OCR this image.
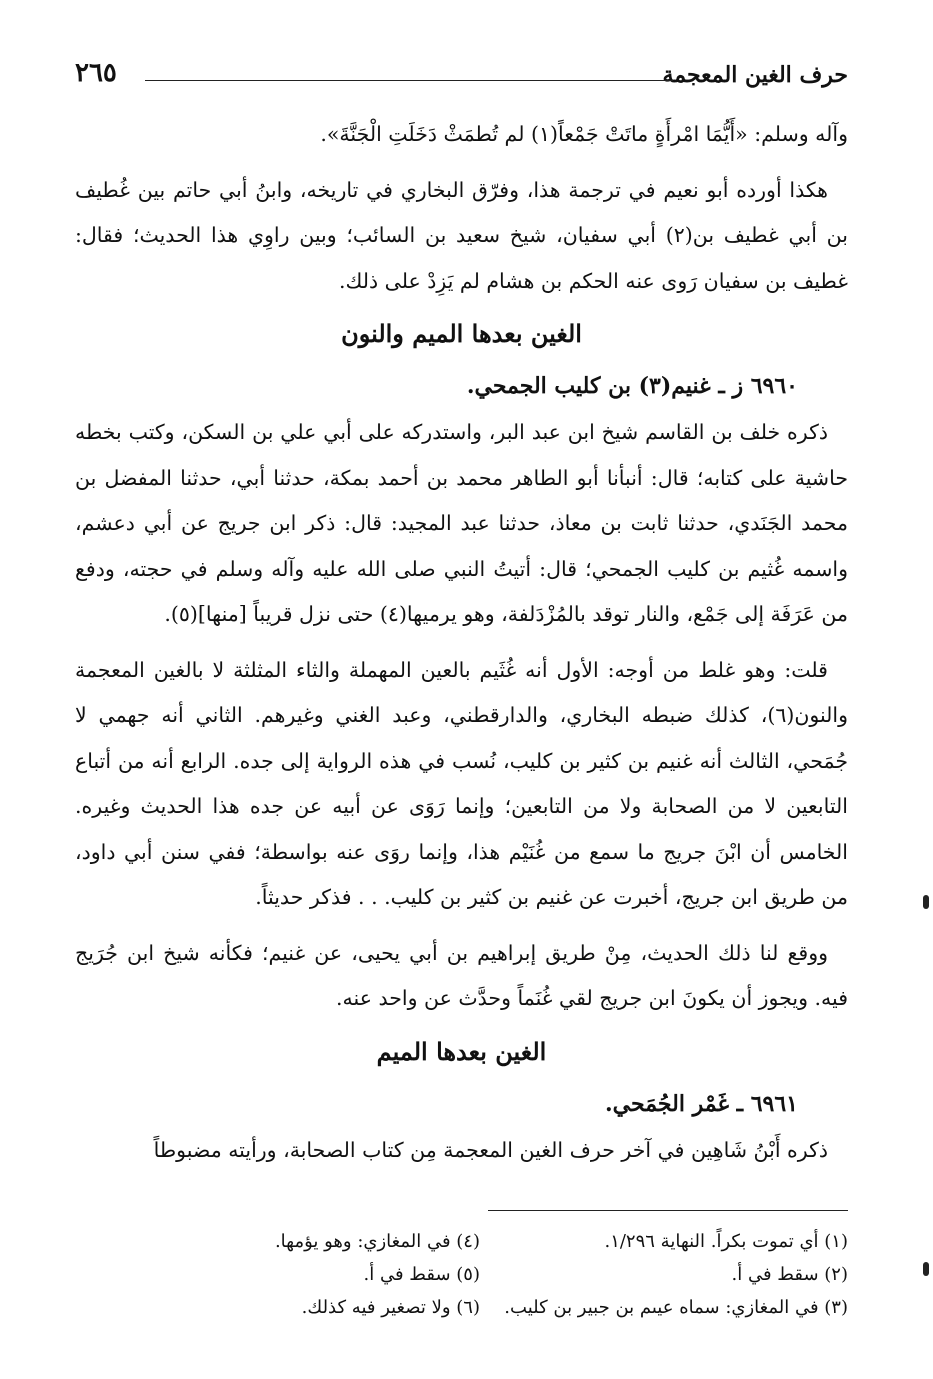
حرف الغين المعجمة
٢٦٥

وآله وسلم: «أَيُّمَا امْرأَةٍ ماتَتْ جَمْعاً(١) لم تُطمَثْ دَخَلَتِ الْجَنَّةَ».

هكذا أورده أبو نعيم في ترجمة هذا، وفرّق البخاري في تاريخه، وابنُ أبي حاتم بين غُطيف بن أبي غطيف بن(٢) أبي سفيان، شيخ سعيد بن السائب؛ وبين راوِي هذا الحديث؛ فقال: غطيف بن سفيان رَوى عنه الحكم بن هشام لم يَزِدْ على ذلك.

الغين بعدها الميم والنون

٦٩٦٠ ز ـ غنيم(٣) بن كليب الجمحي.

ذكره خلف بن القاسم شيخ ابن عبد البر، واستدركه على أبي علي بن السكن، وكتب بخطه حاشية على كتابه؛ قال: أنبأنا أبو الطاهر محمد بن أحمد بمكة، حدثنا أبي، حدثنا المفضل بن محمد الجَنَدي، حدثنا ثابت بن معاذ، حدثنا عبد المجيد: قال: ذكر ابن جريج عن أبي دعشم، واسمه غُثيم بن كليب الجمحي؛ قال: أتيتُ النبي صلى الله عليه وآله وسلم في حجته، ودفع من عَرَفَة إلى جَمْع، والنار توقد بالمُزْدَلفة، وهو يرميها(٤) حتى نزل قريباً [منها](٥).

قلت: وهو غلط من أوجه: الأول أنه غُثَيم بالعين المهملة والثاء المثلثة لا بالغين المعجمة والنون(٦)، كذلك ضبطه البخاري، والدارقطني، وعبد الغني وغيرهم. الثاني أنه جهمي لا جُمَحي، الثالث أنه غنيم بن كثير بن كليب، نُسب في هذه الرواية إلى جده. الرابع أنه من أتباع التابعين لا من الصحابة ولا من التابعين؛ وإنما رَوَى عن أبيه عن جده هذا الحديث وغيره. الخامس أن ابْنَ جريج ما سمع من غُنَيْم هذا، وإنما روَى عنه بواسطة؛ ففي سنن أبي داود، من طريق ابن جريج، أخبرت عن غنيم بن كثير بن كليب. . . فذكر حديثاً.

ووقع لنا ذلك الحديث، مِنْ طريق إبراهيم بن أبي يحيى، عن غنيم؛ فكأنه شيخ ابن جُرَيج فيه. ويجوز أن يكونَ ابن جريج لقي غُنَماً وحدَّث عن واحد عنه.

الغين بعدها الميم

٦٩٦١ ـ غَمْر الجُمَحي.

ذكره أَبْنُ شَاهِين في آخر حرف الغين المعجمة مِن كتاب الصحابة، ورأيته مضبوطاً

(١) أي تموت بكراً. النهاية ١/٢٩٦.
(٢) سقط في أ.
(٣) في المغازي: سماه عيىم بن جبير بن كليب.
(٤) في المغازي: وهو يؤمها.
(٥) سقط في أ.
(٦) ولا تصغير فيه كذلك.
